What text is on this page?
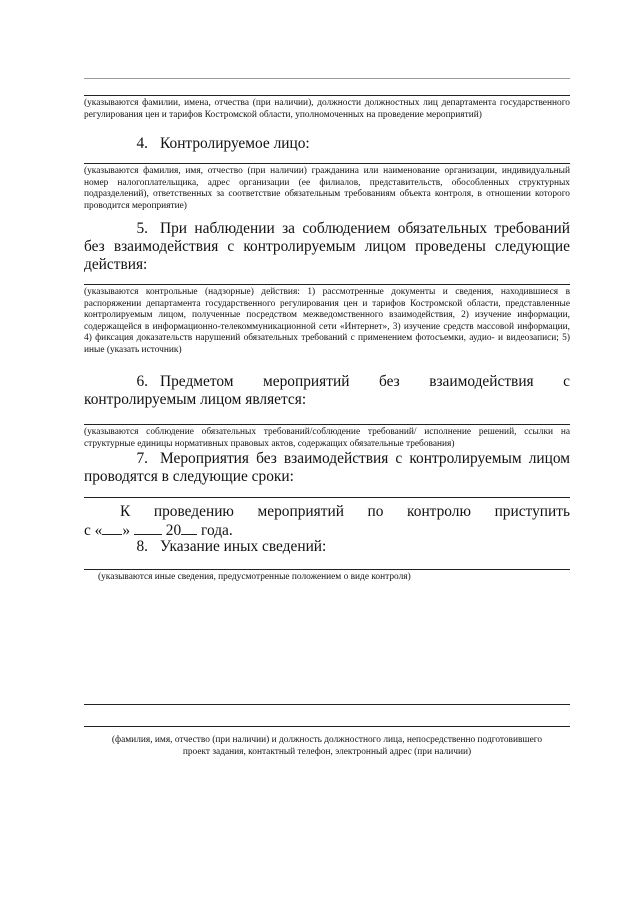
(указываются фамилии, имена, отчества (при наличии), должности должностных лиц департамента государственного регулирования цен и тарифов Костромской области, уполномоченных на проведение мероприятий)
4. Контролируемое лицо:
(указываются фамилия, имя, отчество (при наличии) гражданина или наименование организации, индивидуальный номер налогоплательщика, адрес организации (ее филиалов, представительств, обособленных структурных подразделений), ответственных за соответствие обязательным требованиям объекта контроля, в отношении которого проводится мероприятие)
5. При наблюдении за соблюдением обязательных требований без взаимодействия с контролируемым лицом проведены следующие действия:
(указываются контрольные (надзорные) действия: 1) рассмотренные документы и сведения, находившиеся в распоряжении департамента государственного регулирования цен и тарифов Костромской области, представленные контролируемым лицом, полученные посредством межведомственного взаимодействия, 2) изучение информации, содержащейся в информационно-телекоммуникационной сети «Интернет», 3) изучение средств массовой информации, 4) фиксация доказательств нарушений обязательных требований с применением фотосъемки, аудио- и видеозаписи; 5) иные (указать источник)
6. Предметом мероприятий без взаимодействия с контролируемым лицом является:
(указываются соблюдение обязательных требований/соблюдение требований/ исполнение решений, ссылки на структурные единицы нормативных правовых актов, содержащих обязательные требования)
7. Мероприятия без взаимодействия с контролируемым лицом проводятся в следующие сроки:
К проведению мероприятий по контролю приступить
с « » 20 года.
8. Указание иных сведений:
(указываются иные сведения, предусмотренные положением о виде контроля)
(фамилия, имя, отчество (при наличии) и должность должностного лица, непосредственно подготовившего проект задания, контактный телефон, электронный адрес (при наличии)
